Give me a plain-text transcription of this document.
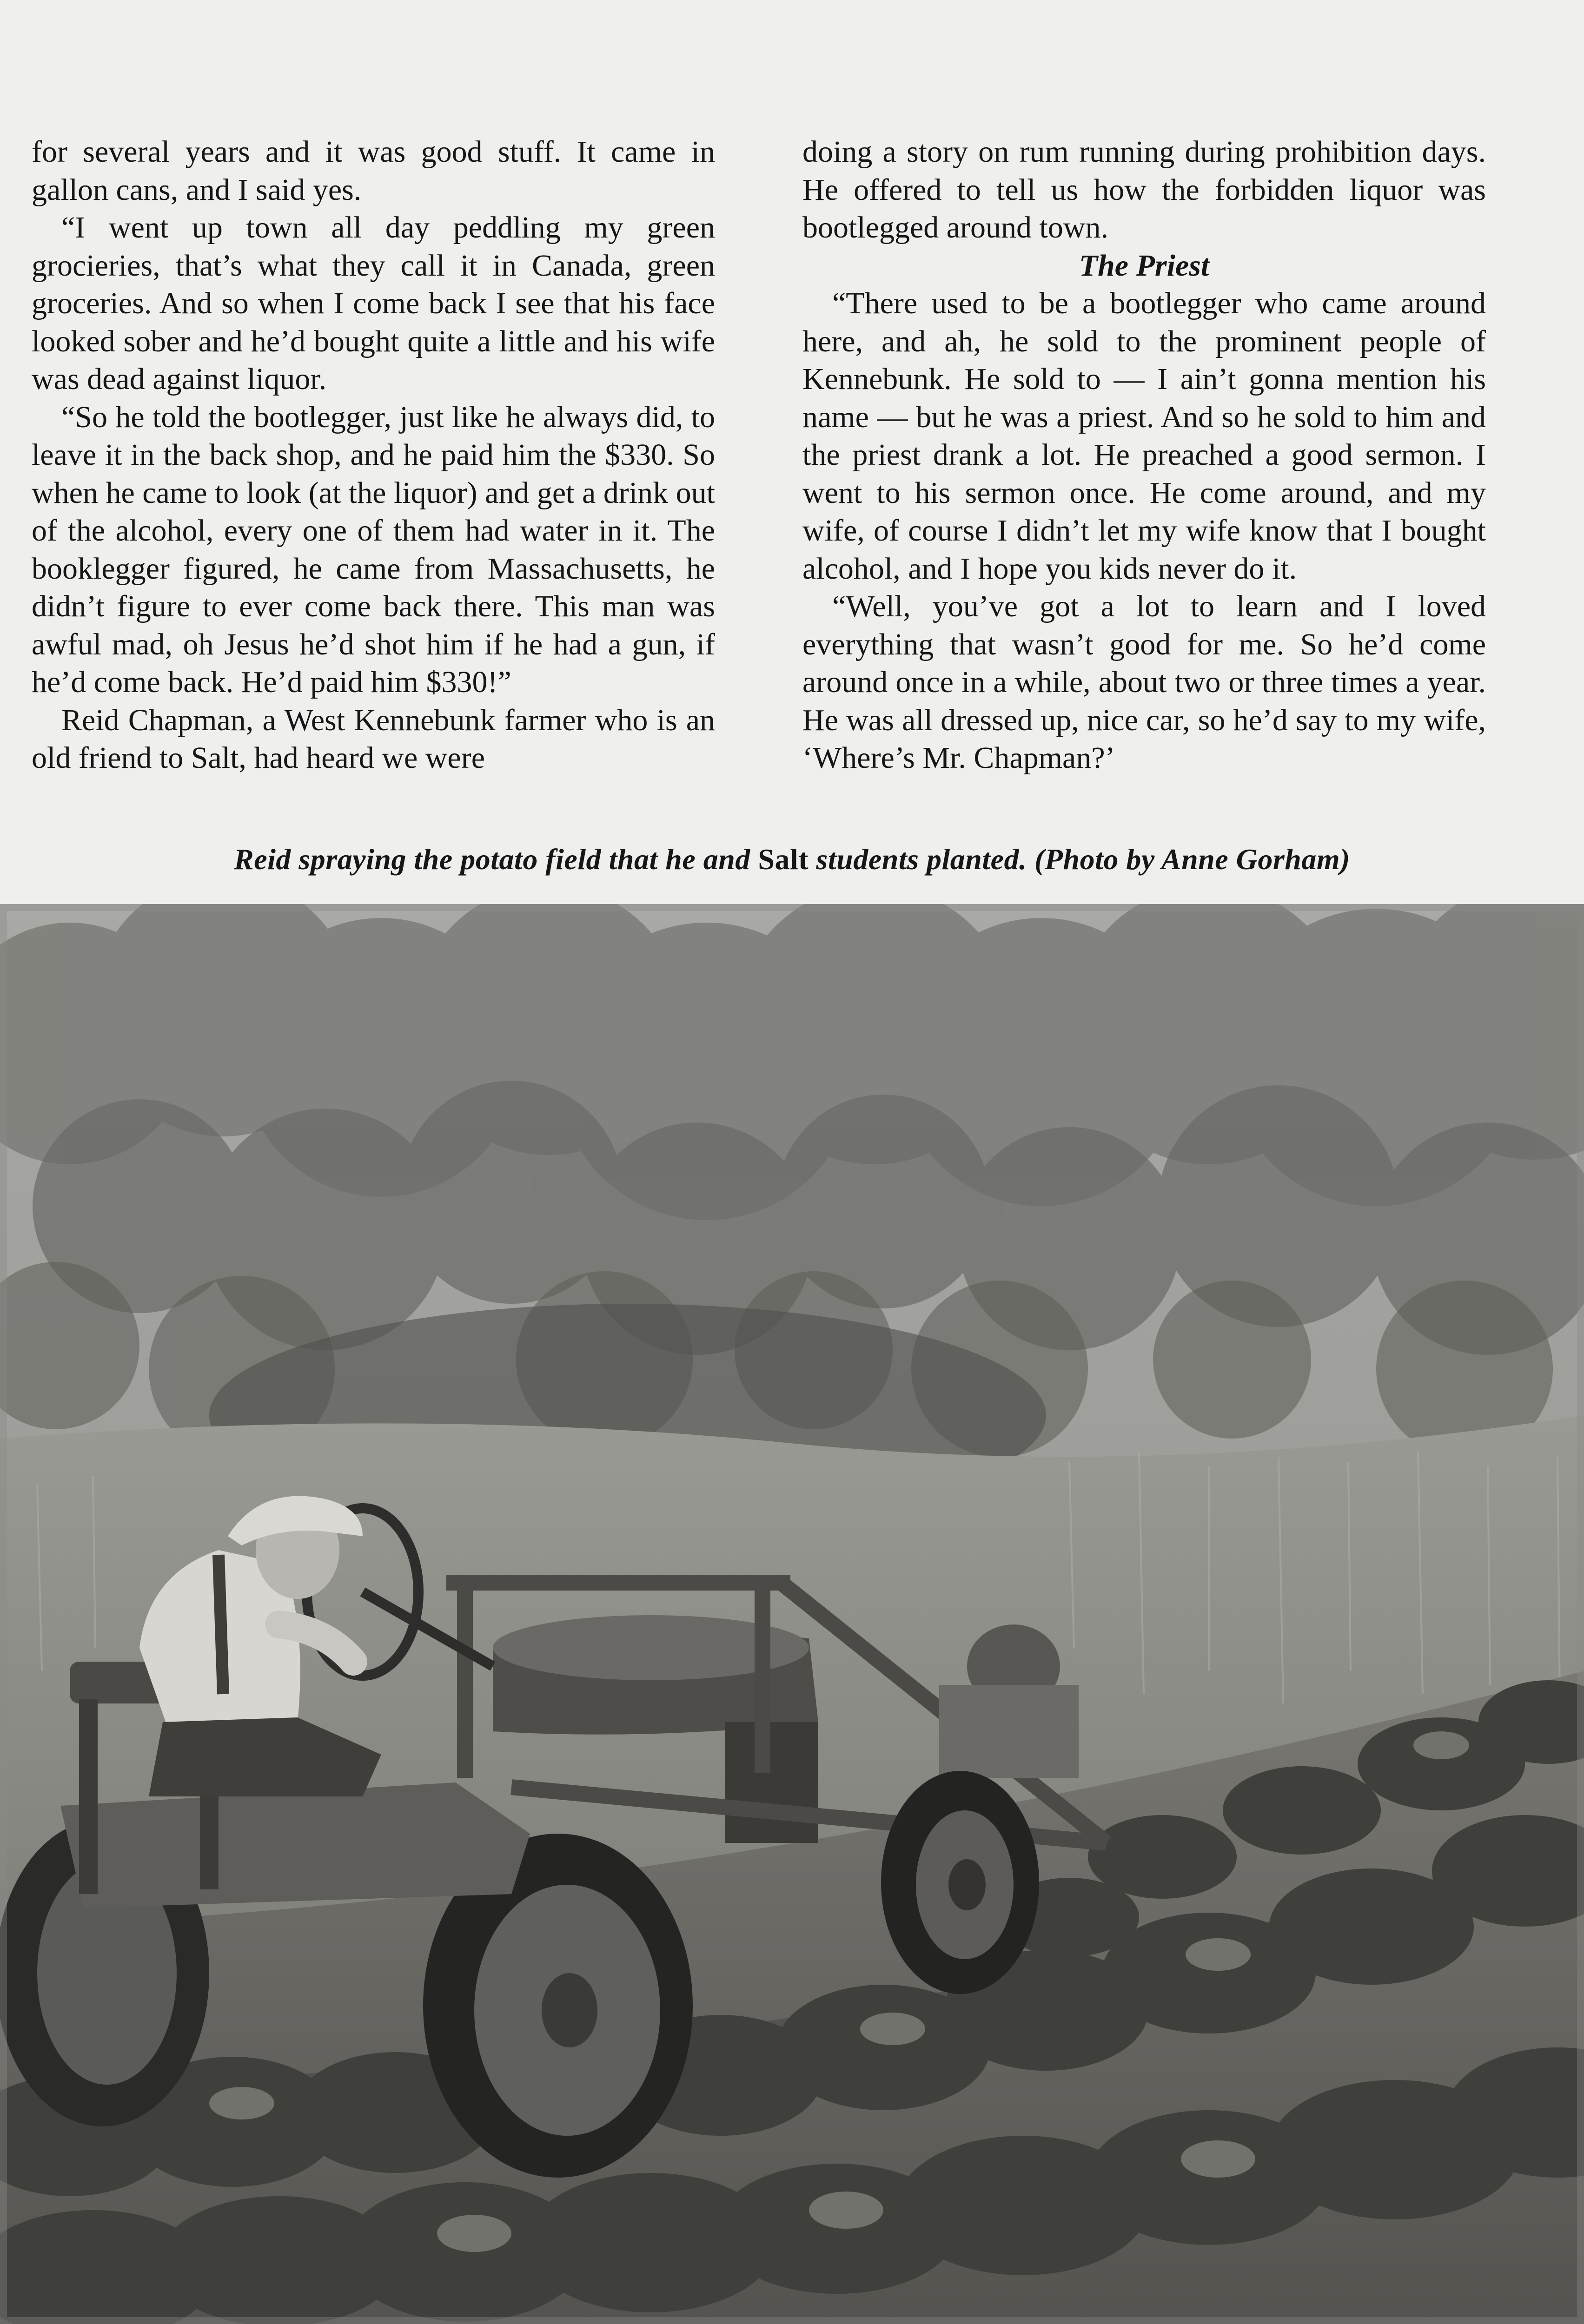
for several years and it was good stuff. It came in gallon cans, and I said yes.

“I went up town all day peddling my green grocieries, that’s what they call it in Canada, green groceries. And so when I come back I see that his face looked sober and he’d bought quite a little and his wife was dead against liquor.

“So he told the bootlegger, just like he always did, to leave it in the back shop, and he paid him the $330. So when he came to look (at the liquor) and get a drink out of the alcohol, every one of them had water in it. The booklegger figured, he came from Massachusetts, he didn’t figure to ever come back there. This man was awful mad, oh Jesus he’d shot him if he had a gun, if he’d come back. He’d paid him $330!”

Reid Chapman, a West Kennebunk farmer who is an old friend to Salt, had heard we were

doing a story on rum running during prohibition days. He offered to tell us how the forbidden liquor was bootlegged around town.

The Priest

“There used to be a bootlegger who came around here, and ah, he sold to the prominent people of Kennebunk. He sold to — I ain’t gonna mention his name — but he was a priest. And so he sold to him and the priest drank a lot. He preached a good sermon. I went to his sermon once. He come around, and my wife, of course I didn’t let my wife know that I bought alcohol, and I hope you kids never do it.

“Well, you’ve got a lot to learn and I loved everything that wasn’t good for me. So he’d come around once in a while, about two or three times a year. He was all dressed up, nice car, so he’d say to my wife, ‘Where’s Mr. Chapman?’

Reid spraying the potato field that he and Salt students planted. (Photo by Anne Gorham)
